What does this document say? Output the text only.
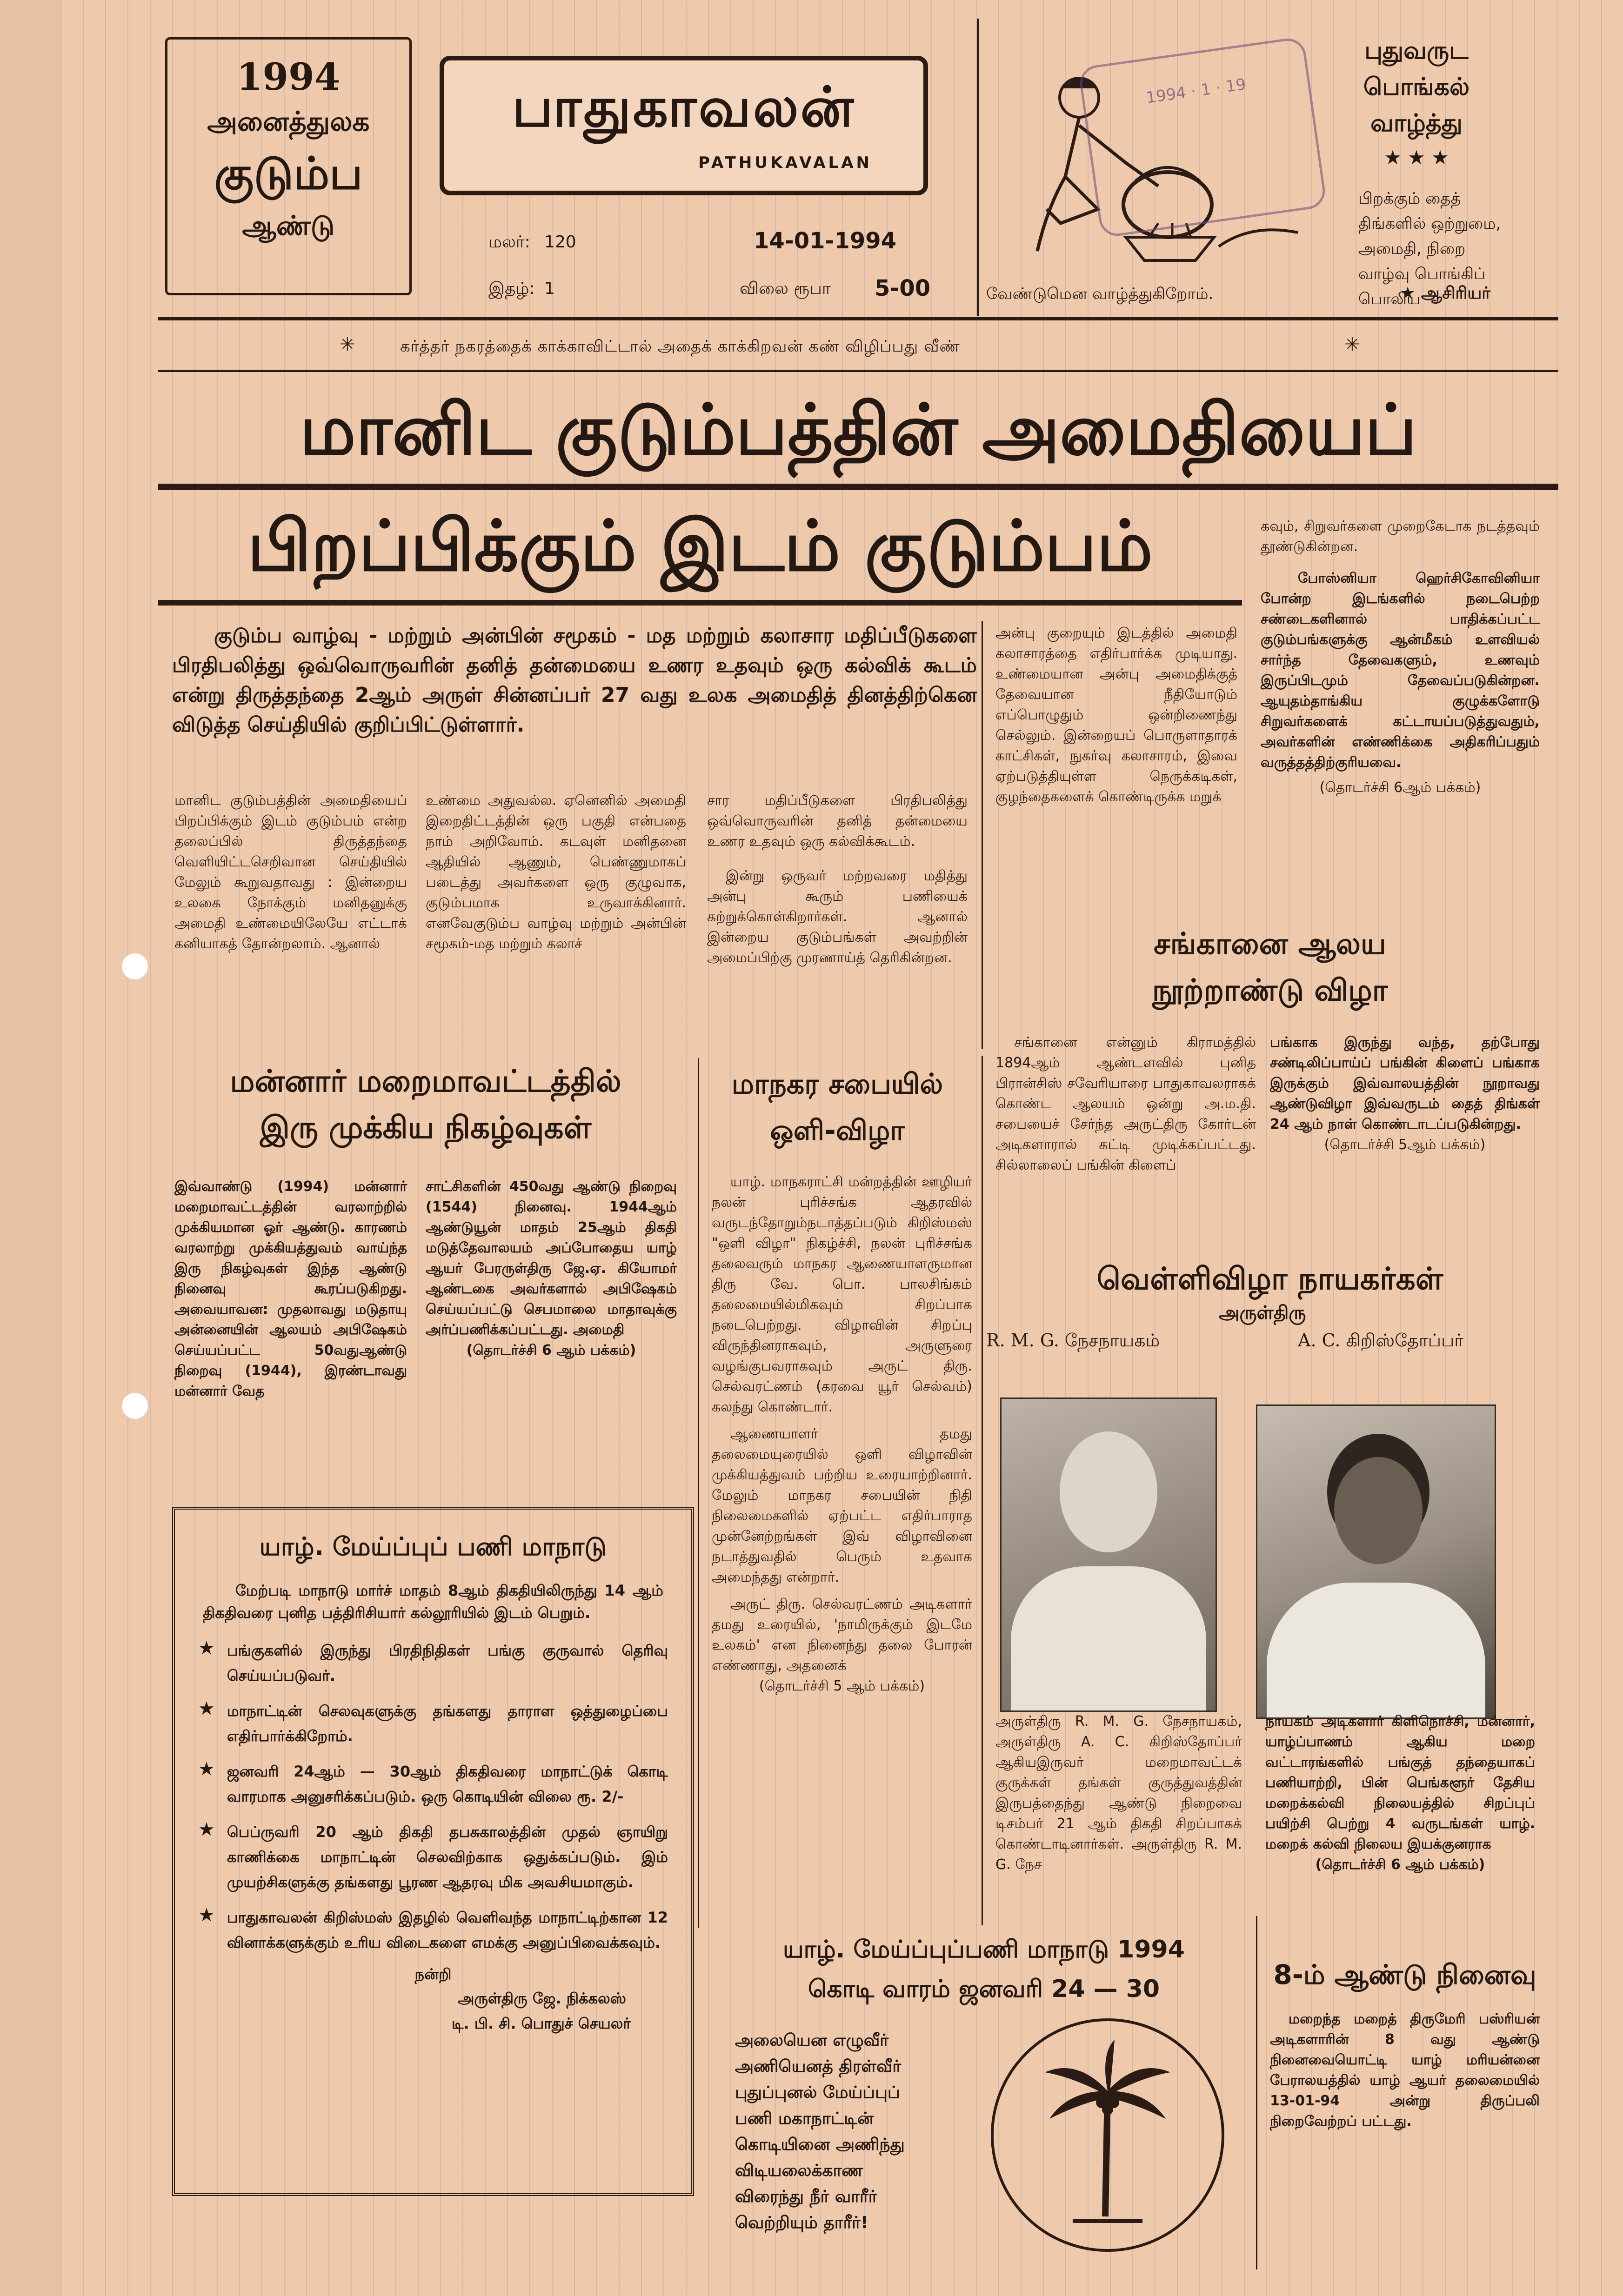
1994
அனைத்துலக
குடும்ப
ஆண்டு
பாதுகாவலன்
PATHUKAVALAN
மலர்: 120	14-01-1994
இதழ்: 1	விலை ரூபா 5-00
1994 · 1 · 19
புதுவருட
பொங்கல்
வாழ்த்து
★ ★ ★
பிறக்கும் தைத் திங்களில் ஒற்றுமை, அமைதி, நிறை வாழ்வு பொங்கிப் பொலிய
வேண்டுமென வாழ்த்துகிறோம்.	★ ஆசிரியர்
✳	கர்த்தர் நகரத்தைக் காக்காவிட்டால் அதைக் காக்கிறவன் கண் விழிப்பது வீண்	✳
மானிட குடும்பத்தின் அமைதியைப்
பிறப்பிக்கும் இடம் குடும்பம்
குடும்ப வாழ்வு - மற்றும் அன்பின் சமூகம் - மத மற்றும் கலாசார மதிப்பீடுகளை பிரதிபலித்து ஒவ்வொருவரின் தனித் தன்மையை உணர உதவும் ஒரு கல்விக் கூடம் என்று திருத்தந்தை 2ஆம் அருள் சின்னப்பர் 27 வது உலக அமைதித் தினத்திற்கென விடுத்த செய்தியில் குறிப்பிட்டுள்ளார்.

மானிட குடும்பத்தின் அமைதியைப் பிறப்பிக்கும் இடம் குடும்பம் என்ற தலைப்பில் திருத்தந்தை வெளியிட்டசெறிவான செய்தியில் மேலும் கூறுவதாவது : இன்றைய உலகை நோக்கும் மனிதனுக்கு அமைதி உண்மையிலேயே எட்டாக் கனியாகத் தோன்றலாம். ஆனால்

உண்மை அதுவல்ல. ஏனெனில் அமைதி இறைதிட்டத்தின் ஒரு பகுதி என்பதை நாம் அறிவோம். கடவுள் மனிதனை ஆதியில் ஆணும், பெண்ணுமாகப் படைத்து அவர்களை ஒரு குழுவாக, குடும்பமாக உருவாக்கினார். எனவேகுடும்ப வாழ்வு மற்றும் அன்பின் சமூகம்-மத மற்றும் கலாச்

சார மதிப்பீடுகளை பிரதிபலித்து ஒவ்வொருவரின் தனித் தன்மையை உணர உதவும் ஒரு கல்விக்கூடம்.

இன்று ஒருவர் மற்றவரை மதித்து அன்பு கூரும் பணியைக் கற்றுக்கொள்கிறார்கள். ஆனால் இன்றைய குடும்பங்கள் அவற்றின் அமைப்பிற்கு முரணாய்த் தெரிகின்றன.

அன்பு குறையும் இடத்தில் அமைதி கலாசாரத்தை எதிர்பார்க்க முடியாது. உண்மையான அன்பு அமைதிக்குத் தேவையான நீதியோடும் எப்பொழுதும் ஒன்றிணைந்து செல்லும். இன்றையப் பொருளாதாரக் காட்சிகள், நுகர்வு கலாசாரம், இவை ஏற்படுத்தியுள்ள நெருக்கடிகள், குழந்தைகளைக் கொண்டிருக்க மறுக்

கவும், சிறுவர்களை முறைகேடாக நடத்தவும் தூண்டுகின்றன.

போஸ்னியா ஹெர்சிகோவினியா போன்ற இடங்களில் நடைபெற்ற சண்டைகளினால் பாதிக்கப்பட்ட குடும்பங்களுக்கு ஆன்மீகம் உளவியல் சார்ந்த தேவைகளும், உணவும் இருப்பிடமும் தேவைப்படுகின்றன. ஆயுதம்தாங்கிய குழுக்களோடு சிறுவர்களைக் கட்டாயப்படுத்துவதும், அவர்களின் எண்ணிக்கை அதிகரிப்பதும் வருத்தத்திற்குரியவை.

(தொடர்ச்சி 6ஆம் பக்கம்)

மன்னார் மறைமாவட்டத்தில்
இரு முக்கிய நிகழ்வுகள்

இவ்வாண்டு (1994) மன்னார் மறைமாவட்டத்தின் வரலாற்றில் முக்கியமான ஓர் ஆண்டு. காரணம் வரலாற்று முக்கியத்துவம் வாய்ந்த இரு நிகழ்வுகள் இந்த ஆண்டு நினைவு கூரப்படுகிறது. அவையாவன: முதலாவது மடுதாயு அன்னையின் ஆலயம் அபிஷேகம் செய்யப்பட்ட 50வதுஆண்டு நிறைவு (1944), இரண்டாவது மன்னார் வேத

சாட்சிகளின் 450வது ஆண்டு நிறைவு (1544) நினைவு. 1944ஆம் ஆண்டுயூன் மாதம் 25ஆம் திகதி மடுத்தேவாலயம் அப்போதைய யாழ் ஆயர் பேரருள்திரு ஜே.ஏ. கியோமர் ஆண்டகை அவர்களால் அபிஷேகம் செய்யப்பட்டு செபமாலை மாதாவுக்கு அர்ப்பணிக்கப்பட்டது. அமைதி

(தொடர்ச்சி 6 ஆம் பக்கம்)

யாழ். மேய்ப்புப் பணி மாநாடு
மேற்படி மாநாடு மார்ச் மாதம் 8ஆம் திகதியிலிருந்து 14 ஆம் திகதிவரை புனித பத்திரிசியார் கல்லூரியில் இடம் பெறும்.
★ பங்குகளில் இருந்து பிரதிநிதிகள் பங்கு குருவால் தெரிவு செய்யப்படுவர்.
★ மாநாட்டின் செலவுகளுக்கு தங்களது தாராள ஒத்துழைப்பை எதிர்பார்க்கிறோம்.
★ ஜனவரி 24ஆம் — 30ஆம் திகதிவரை மாநாட்டுக் கொடி வாரமாக அனுசரிக்கப்படும். ஒரு கொடியின் விலை ரூ. 2/-
★ பெப்ருவரி 20 ஆம் திகதி தபசுகாலத்தின் முதல் ஞாயிறு காணிக்கை மாநாட்டின் செலவிற்காக ஒதுக்கப்படும். இம் முயற்சிகளுக்கு தங்களது பூரண ஆதரவு மிக அவசியமாகும்.
★ பாதுகாவலன் கிறிஸ்மஸ் இதழில் வெளிவந்த மாநாட்டிற்கான 12 வினாக்களுக்கும் உரிய விடைகளை எமக்கு அனுப்பிவைக்கவும்.
நன்றி
அருள்திரு ஜே. நிக்கலஸ்
டி. பி. சி. பொதுச் செயலர்
மாநகர சபையில்
ஒளி-விழா

யாழ். மாநகராட்சி மன்றத்தின் ஊழியர் நலன் புரிச்சங்க ஆதரவில் வருடந்தோறும்நடாத்தப்படும் கிறிஸ்மஸ் "ஒளி விழா" நிகழ்ச்சி, நலன் புரிச்சங்க தலைவரும் மாநகர ஆணையாளருமான திரு வே. பொ. பாலசிங்கம் தலைமையில்மிகவும் சிறப்பாக நடைபெற்றது. விழாவின் சிறப்பு விருந்தினராகவும், அருளுரை வழங்குபவராகவும் அருட் திரு. செல்வரட்ணம் (கரவை யூர் செல்வம்) கலந்து கொண்டார்.

ஆணையாளர் தமது தலைமையுரையில் ஒளி விழாவின் முக்கியத்துவம் பற்றிய உரையாற்றினார். மேலும் மாநகர சபையின் நிதி நிலைமைகளில் ஏற்பட்ட எதிர்பாராத முன்னேற்றங்கள் இவ் விழாவினை நடாத்துவதில் பெரும் உதவாக அமைந்தது என்றார்.

அருட் திரு. செல்வரட்ணம் அடிகளார் தமது உரையில், 'நாமிருக்கும் இடமே உலகம்' என நினைந்து தலை போரன் எண்ணாது, அதனைக்

(தொடர்ச்சி 5 ஆம் பக்கம்)

சங்கானை ஆலய
நூற்றாண்டு விழா

சங்கானை என்னும் கிராமத்தில் 1894ஆம் ஆண்டளவில் புனித பிரான்சிஸ் சவேரியாரை பாதுகாவலராகக் கொண்ட ஆலயம் ஒன்று அ.ம.தி. சபையைச் சேர்ந்த அருட்திரு கோர்டன் அடிகளாரால் கட்டி முடிக்கப்பட்டது. சில்லாலைப் பங்கின் கிளைப்

பங்காக இருந்து வந்த, தற்போது சண்டிலிப்பாய்ப் பங்கின் கிளைப் பங்காக இருக்கும் இவ்வாலயத்தின் நூறாவது ஆண்டுவிழா இவ்வருடம் தைத் திங்கள் 24 ஆம் நாள் கொண்டாடப்படுகின்றது.

(தொடர்ச்சி 5ஆம் பக்கம்)

வெள்ளிவிழா நாயகர்கள்
அருள்திரு
R. M. G. நேசநாயகம்	A. C. கிறிஸ்தோப்பர்

அருள்திரு R. M. G. நேசநாயகம், அருள்திரு A. C. கிறிஸ்தோப்பர் ஆகியஇருவர் மறைமாவட்டக் குருக்கள் தங்கள் குருத்துவத்தின் இருபத்தைந்து ஆண்டு நிறைவை டிசம்பர் 21 ஆம் திகதி சிறப்பாகக் கொண்டாடினார்கள். அருள்திரு R. M. G. நேச

நாயகம் அடிகளார் கிளிநொச்சி, மன்னார், யாழ்ப்பாணம் ஆகிய மறை வட்டாரங்களில் பங்குத் தந்தையாகப் பணியாற்றி, பின் பெங்களூர் தேசிய மறைக்கல்வி நிலையத்தில் சிறப்புப் பயிற்சி பெற்று 4 வருடங்கள் யாழ். மறைக் கல்வி நிலைய இயக்குனராக

(தொடர்ச்சி 6 ஆம் பக்கம்)

யாழ். மேய்ப்புப்பணி மாநாடு 1994
கொடி வாரம் ஜனவரி 24 — 30
அலையென எழுவீர்
அணியெனத் திரள்வீர்
புதுப்புனல் மேய்ப்புப்
பணி மகாநாட்டின்
கொடியினை அணிந்து
விடியலைக்காண
விரைந்து நீர் வாரீர்
வெற்றியும் தாரீர்!
8-ம் ஆண்டு நினைவு

மறைந்த மறைத் திருமேரி பஸ்ரியன் அடிகளாரின் 8 வது ஆண்டு நினைவையொட்டி யாழ் மரியன்னை பேராலயத்தில் யாழ் ஆயர் தலைமையில் 13-01-94 அன்று திருப்பலி நிறைவேற்றப் பட்டது.
